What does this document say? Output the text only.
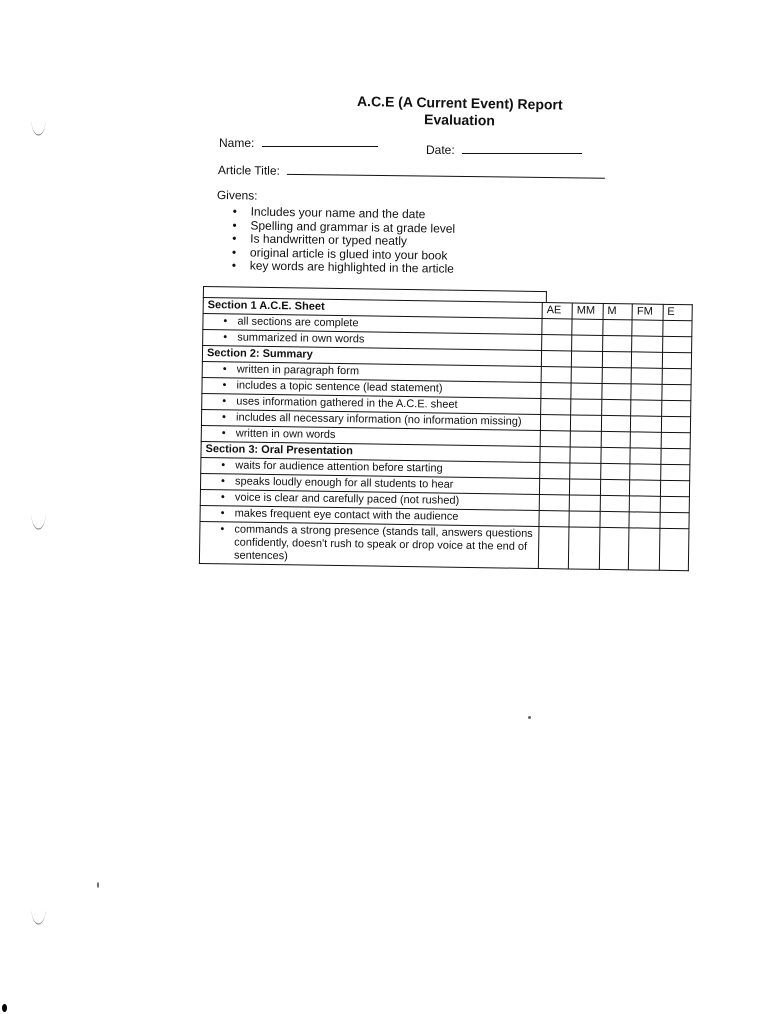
A.C.E (A Current Event) Report
Evaluation
Name:	Date:
Article Title:
Givens:
• Includes your name and the date
• Spelling and grammar is at grade level
• Is handwritten or typed neatly
• original article is glued into your book
• key words are highlighted in the article
Section 1 A.C.E. Sheet	AE	MM	M	FM	E
• all sections are complete					
• summarized in own words					
Section 2: Summary					
• written in paragraph form					
• includes a topic sentence (lead statement)					
• uses information gathered in the A.C.E. sheet					
• includes all necessary information (no information missing)					
• written in own words					
Section 3: Oral Presentation					
• waits for audience attention before starting					
• speaks loudly enough for all students to hear					
• voice is clear and carefully paced (not rushed)					
• makes frequent eye contact with the audience					
• commands a strong presence (stands tall, answers questions confidently, doesn't rush to speak or drop voice at the end of sentences)					
